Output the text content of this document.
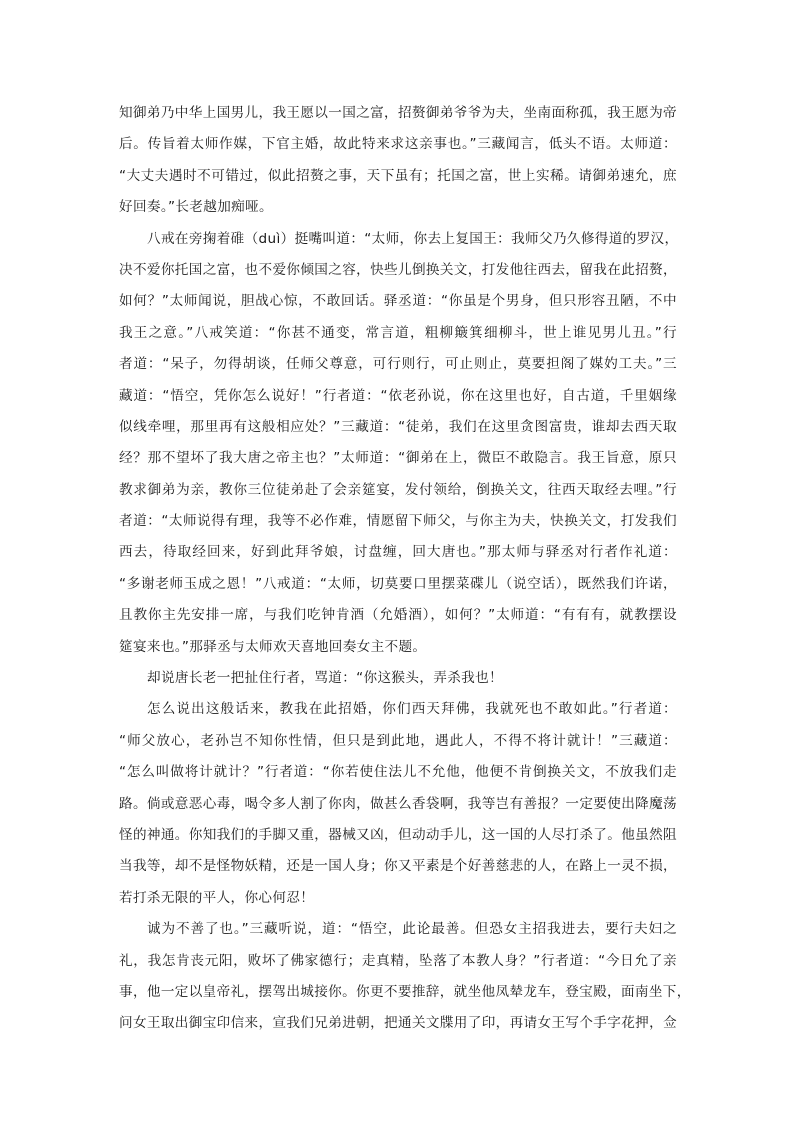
知御弟乃中华上国男儿，我王愿以一国之富，招赘御弟爷爷为夫，坐南面称孤，我王愿为帝
后。传旨着太师作媒，下官主婚，故此特来求这亲事也。”三藏闻言，低头不语。太师道：
“大丈夫遇时不可错过，似此招赘之事，天下虽有；托国之富，世上实稀。请御弟速允，庶
好回奏。”长老越加痴哑。
八戒在旁掬着碓（duì）挺嘴叫道：“太师，你去上复国王：我师父乃久修得道的罗汉，
决不爱你托国之富，也不爱你倾国之容，快些儿倒换关文，打发他往西去，留我在此招赘，
如何？”太师闻说，胆战心惊，不敢回话。驿丞道：“你虽是个男身，但只形容丑陋，不中
我王之意。”八戒笑道：“你甚不通变，常言道，粗柳簸箕细柳斗，世上谁见男儿丑。”行
者道：“呆子，勿得胡谈，任师父尊意，可行则行，可止则止，莫要担阁了媒妁工夫。”三
藏道：“悟空，凭你怎么说好！”行者道：“依老孙说，你在这里也好，自古道，千里姻缘
似线牵哩，那里再有这般相应处？”三藏道：“徒弟，我们在这里贪图富贵，谁却去西天取
经？那不望坏了我大唐之帝主也？”太师道：“御弟在上，微臣不敢隐言。我王旨意，原只
教求御弟为亲，教你三位徒弟赴了会亲筵宴，发付领给，倒换关文，往西天取经去哩。”行
者道：“太师说得有理，我等不必作难，情愿留下师父，与你主为夫，快换关文，打发我们
西去，待取经回来，好到此拜爷娘，讨盘缠，回大唐也。”那太师与驿丞对行者作礼道：
“多谢老师玉成之恩！”八戒道：“太师，切莫要口里摆菜碟儿（说空话），既然我们许诺，
且教你主先安排一席，与我们吃钟肯酒（允婚酒），如何？”太师道：“有有有，就教摆设
筵宴来也。”那驿丞与太师欢天喜地回奏女主不题。
却说唐长老一把扯住行者，骂道：“你这猴头，弄杀我也！
怎么说出这般话来，教我在此招婚，你们西天拜佛，我就死也不敢如此。”行者道：
“师父放心，老孙岂不知你性情，但只是到此地，遇此人，不得不将计就计！”三藏道：
“怎么叫做将计就计？”行者道：“你若使住法儿不允他，他便不肯倒换关文，不放我们走
路。倘或意恶心毒，喝令多人割了你肉，做甚么香袋啊，我等岂有善报？一定要使出降魔荡
怪的神通。你知我们的手脚又重，器械又凶，但动动手儿，这一国的人尽打杀了。他虽然阻
当我等，却不是怪物妖精，还是一国人身；你又平素是个好善慈悲的人，在路上一灵不损，
若打杀无限的平人，你心何忍！
诚为不善了也。”三藏听说，道：“悟空，此论最善。但恐女主招我进去，要行夫妇之
礼，我怎肯丧元阳，败坏了佛家德行；走真精，坠落了本教人身？”行者道：“今日允了亲
事，他一定以皇帝礼，摆驾出城接你。你更不要推辞，就坐他凤辇龙车，登宝殿，面南坐下，
问女王取出御宝印信来，宣我们兄弟进朝，把通关文牒用了印，再请女王写个手字花押，佥
